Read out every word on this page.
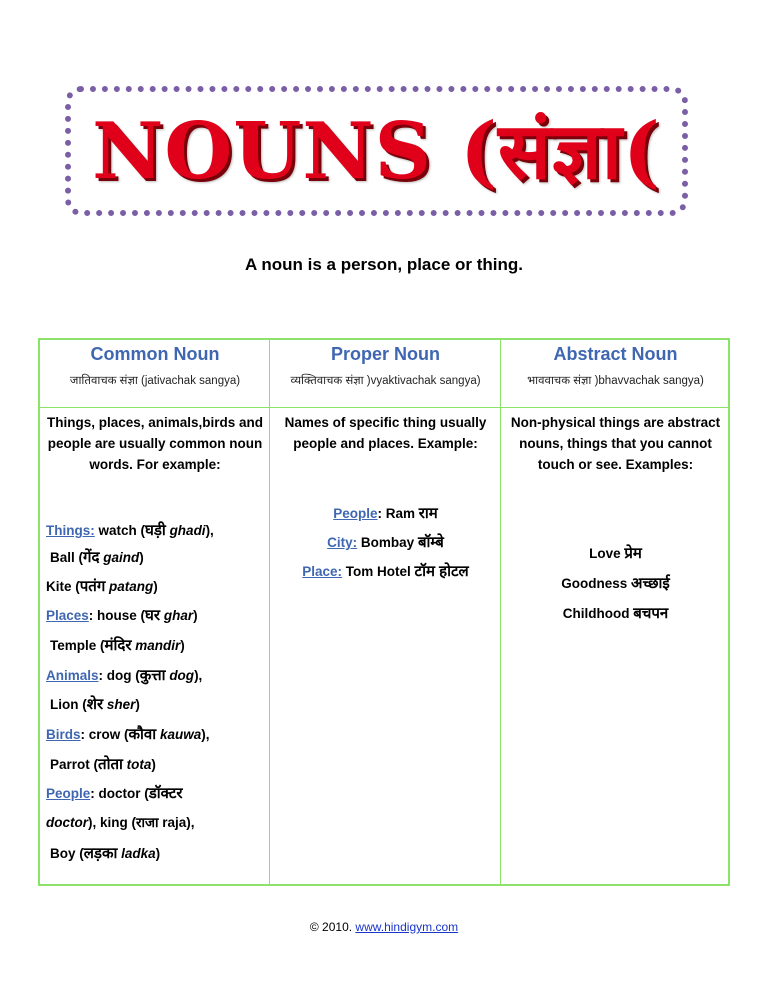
NOUNS (संज्ञा(
A noun is a person, place or thing.
Common Noun
जातिवाचक संज्ञा (jativachak sangya)
Things, places, animals,birds and people are usually common noun words. For example:
Things: watch (घड़ी ghadi),
Ball (गेंद gaind)
Kite (पतंग patang)
Places: house (घर ghar)
Temple (मंदिर mandir)
Animals: dog (कुत्ता dog),
Lion (शेर sher)
Birds: crow (कौवा kauwa),
Parrot (तोता tota)
People: doctor (डॉक्टर
doctor), king (राजा raja),
Boy (लड़का ladka)
Proper Noun
व्यक्तिवाचक संज्ञा )vyaktivachak sangya)
Names of specific thing usually people and places. Example:
People: Ram राम
City: Bombay बॉम्बे
Place: Tom Hotel टॉम होटल
Abstract Noun
भाववाचक संज्ञा )bhavvachak sangya)
Non-physical things are abstract nouns, things that you cannot touch or see. Examples:
Love प्रेम
Goodness अच्छाई
Childhood बचपन
© 2010. www.hindigym.com
